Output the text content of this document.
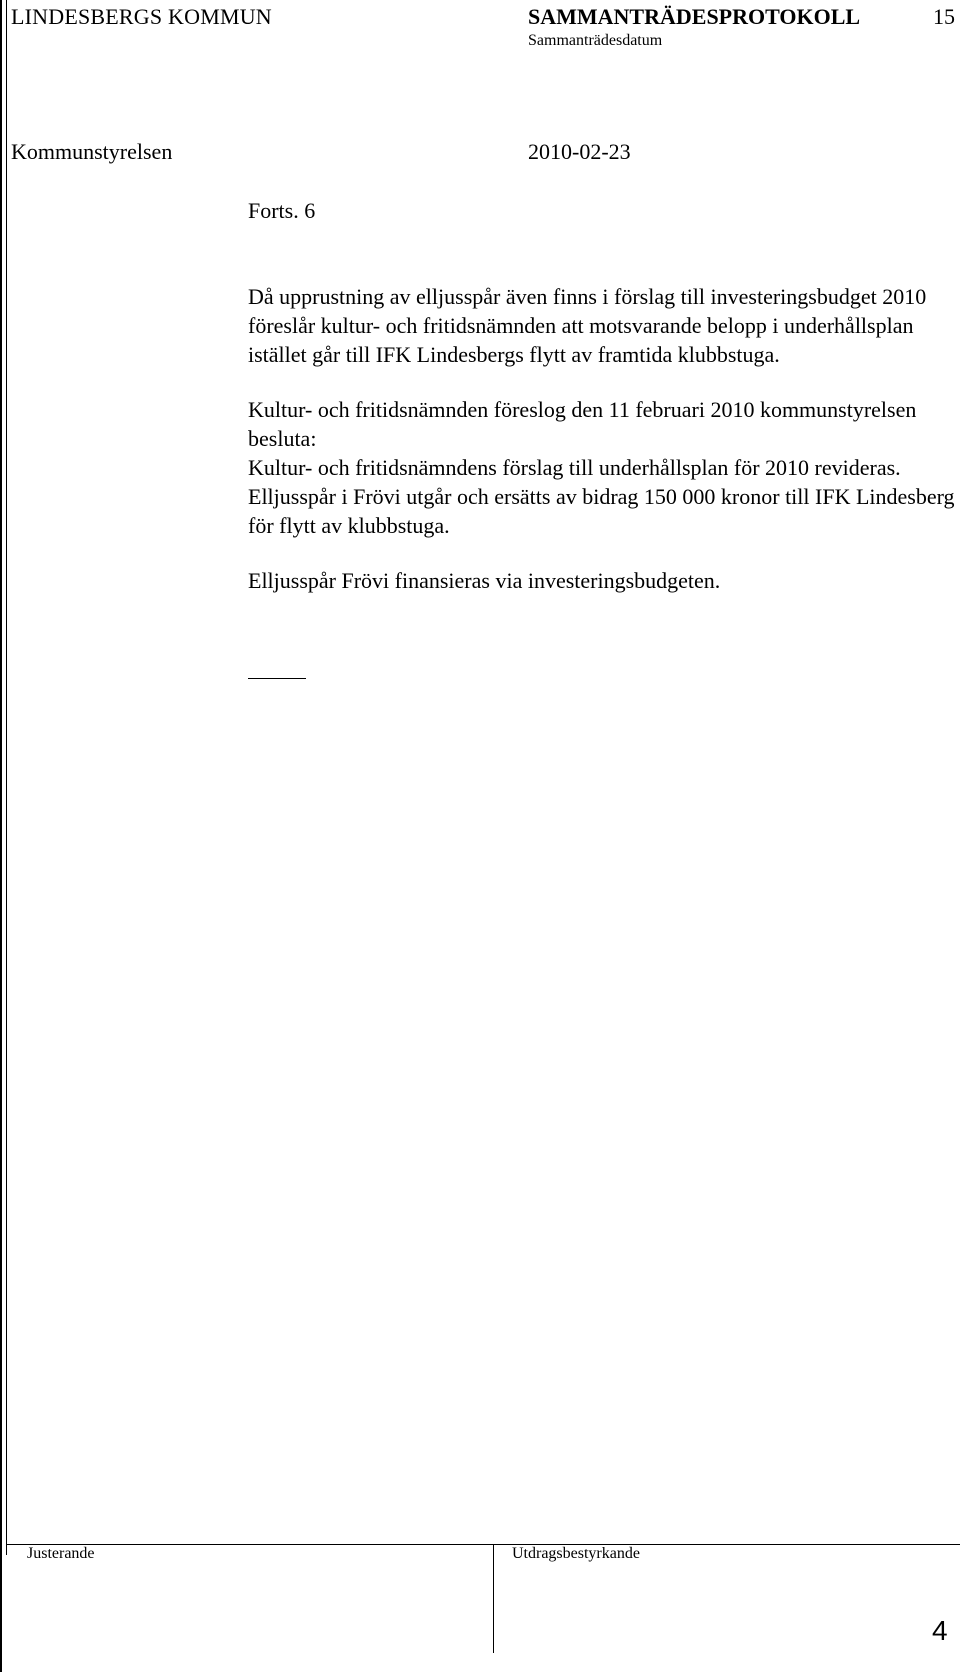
LINDESBERGS KOMMUN	SAMMANTRÄDESPROTOKOLL	15
Sammanträdesdatum
Kommunstyrelsen	2010-02-23
Forts. 6

Då upprustning av elljusspår även finns i förslag till investeringsbudget 2010 föreslår kultur- och fritidsnämnden att motsvarande belopp i underhållsplan istället går till IFK Lindesbergs flytt av framtida klubbstuga.

Kultur- och fritidsnämnden föreslog den 11 februari 2010 kommunstyrelsen besluta:

Kultur- och fritidsnämndens förslag till underhållsplan för 2010 revideras. Elljusspår i Frövi utgår och ersätts av bidrag 150 000 kronor till IFK Lindesberg för flytt av klubbstuga.

Elljusspår Frövi finansieras via investeringsbudgeten.

Justerande	Utdragsbestyrkande
4
